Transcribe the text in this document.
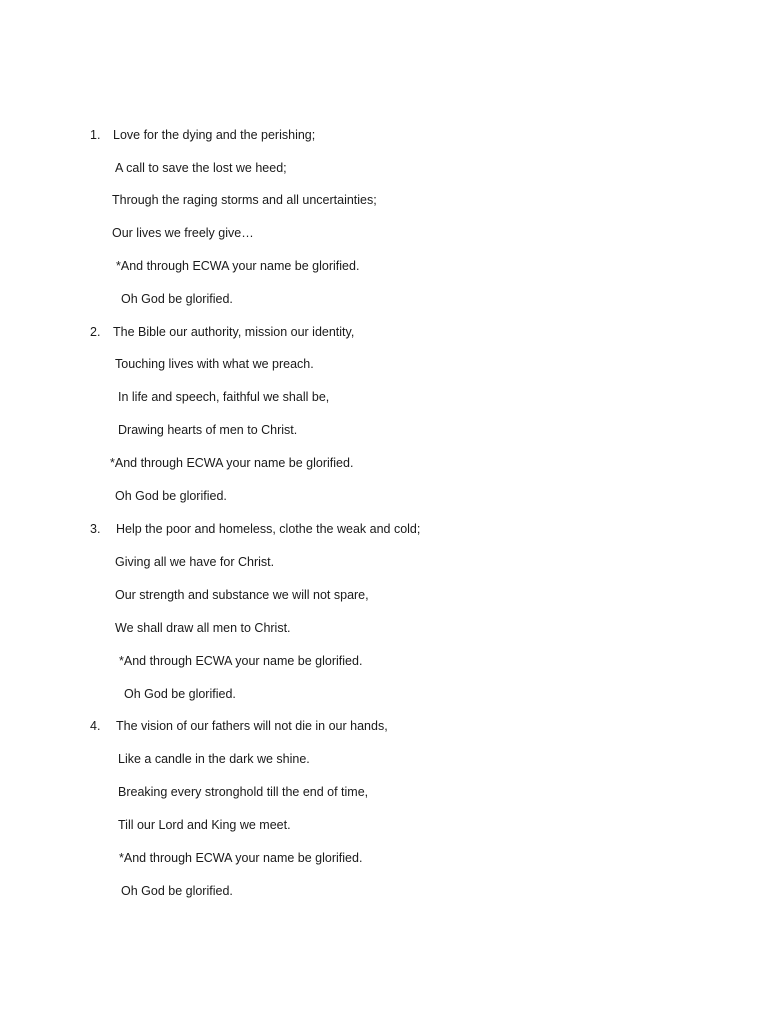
1. Love for the dying and the perishing;
A call to save the lost we heed;
Through the raging storms and all uncertainties;
Our lives we freely give…
*And through ECWA your name be glorified.
Oh God be glorified.
2. The Bible our authority, mission our identity,
Touching lives with what we preach.
In life and speech, faithful we shall be,
Drawing hearts of men to Christ.
*And through ECWA your name be glorified.
Oh God be glorified.
3. Help the poor and homeless, clothe the weak and cold;
Giving all we have for Christ.
Our strength and substance we will not spare,
We shall draw all men to Christ.
*And through ECWA your name be glorified.
Oh God be glorified.
4. The vision of our fathers will not die in our hands,
Like a candle in the dark we shine.
Breaking every stronghold till the end of time,
Till our Lord and King we meet.
*And through ECWA your name be glorified.
Oh God be glorified.
